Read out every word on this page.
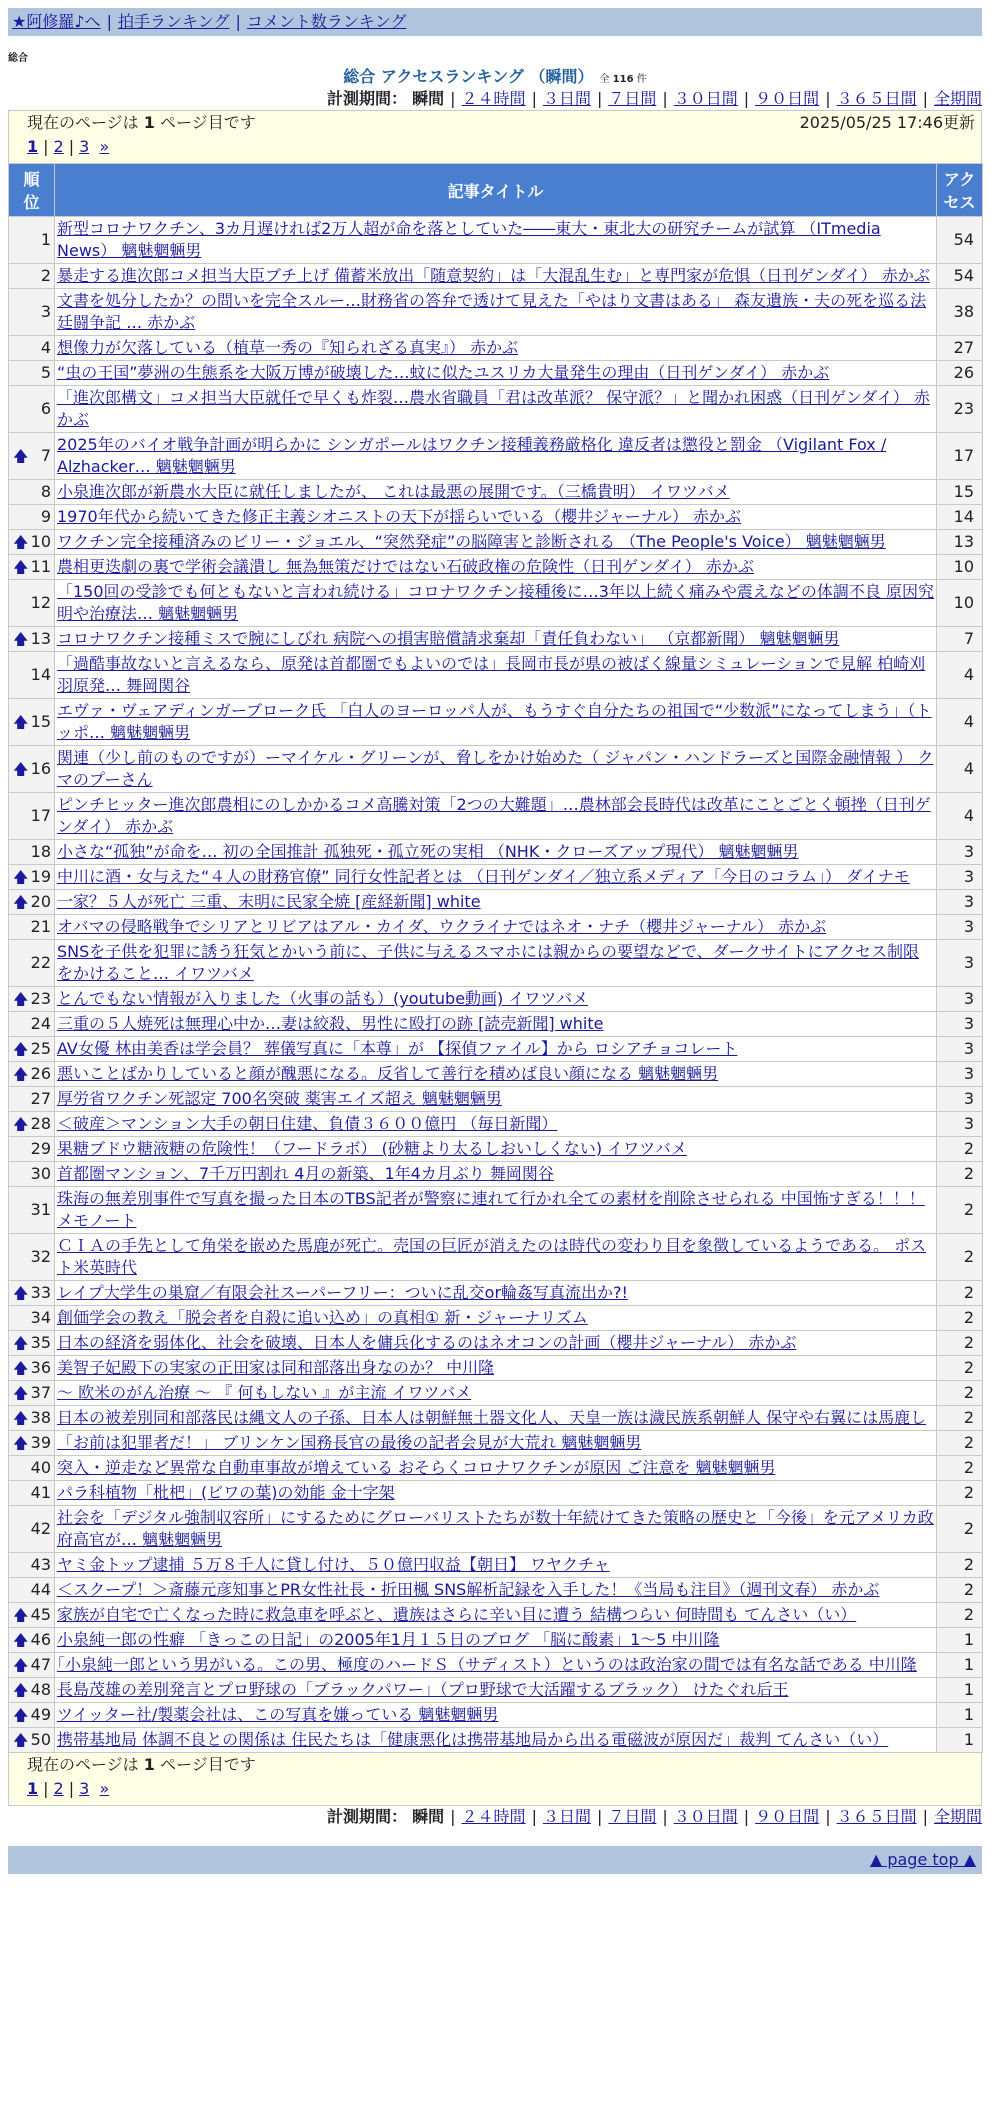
★阿修羅♪へ | 拍手ランキング | コメント数ランキング
総合
総合 アクセスランキング （瞬間） 全 116 件
計測期間： 瞬間 | ２４時間 | ３日間 | ７日間 | ３０日間 | ９０日間 | ３６５日間 | 全期間
現在のページは 1 ページ目です	2025/05/25 17:46更新
1 | 2 | 3 »
順位	記事タイトル	アクセス
1	新型コロナワクチン、3カ月遅ければ2万人超が命を落としていた――東大・東北大の研究チームが試算 （ITmedia News） 魑魅魍魎男	54
2	暴走する進次郎コメ担当大臣ブチ上げ 備蓄米放出「随意契約」は「大混乱生む」と専門家が危惧（日刊ゲンダイ） 赤かぶ	54
3	文書を処分したか？の問いを完全スルー…財務省の答弁で透けて見えた「やはり文書はある」 森友遺族・夫の死を巡る法廷闘争記 … 赤かぶ	38
4	想像力が欠落している（植草一秀の『知られざる真実』） 赤かぶ	27
5	“虫の王国”夢洲の生態系を大阪万博が破壊した…蚊に似たユスリカ大量発生の理由（日刊ゲンダイ） 赤かぶ	26
6	「進次郎構文」コメ担当大臣就任で早くも炸裂…農水省職員「君は改革派？ 保守派？」と聞かれ困惑（日刊ゲンダイ） 赤かぶ	23

🡅 7	2025年のバイオ戦争計画が明らかに シンガポールはワクチン接種義務厳格化 違反者は懲役と罰金 （Vigilant Fox / Alzhacker… 魑魅魍魎男	17
8	小泉進次郎が新農水大臣に就任しましたが、 これは最悪の展開です。（三橋貴明） イワツバメ	15
9	1970年代から続いてきた修正主義シオニストの天下が揺らいでいる（櫻井ジャーナル） 赤かぶ	14

🡅 10	ワクチン完全接種済みのビリー・ジョエル、“突然発症”の脳障害と診断される （The People's Voice） 魑魅魍魎男	13

🡅 11	農相更迭劇の裏で学術会議潰し 無為無策だけではない石破政権の危険性（日刊ゲンダイ） 赤かぶ	10
12	「150回の受診でも何ともないと言われ続ける」コロナワクチン接種後に…3年以上続く痛みや震えなどの体調不良 原因究明や治療法… 魑魅魍魎男	10

🡅 13	コロナワクチン接種ミスで腕にしびれ 病院への損害賠償請求棄却「責任負わない」 （京都新聞） 魑魅魍魎男	7
14	「過酷事故ないと言えるなら、原発は首都圏でもよいのでは」長岡市長が県の被ばく線量シミュレーションで見解 柏崎刈羽原発… 舞岡関谷	4

🡅 15	エヴァ・ヴェアディンガーブローク氏 「白人のヨーロッパ人が、もうすぐ自分たちの祖国で“少数派”になってしまう」（トッポ… 魑魅魍魎男	4

🡅 16	関連（少し前のものですが）ーマイケル・グリーンが、脅しをかけ始めた（ ジャパン・ハンドラーズと国際金融情報 ） クマのプーさん	4
17	ピンチヒッター進次郎農相にのしかかるコメ高騰対策「2つの大難題」…農林部会長時代は改革にことごとく頓挫（日刊ゲンダイ） 赤かぶ	4
18	小さな“孤独”が命を… 初の全国推計 孤独死・孤立死の実相 （NHK・クローズアップ現代） 魑魅魍魎男	3

🡅 19	中川に酒・女与えた“４人の財務官僚” 同行女性記者とは （日刊ゲンダイ／独立系メディア「今日のコラム」） ダイナモ	3

🡅 20	一家？５人が死亡 三重、末明に民家全焼 [産経新聞] white	3
21	オバマの侵略戦争でシリアとリビアはアル・カイダ、ウクライナではネオ・ナチ（櫻井ジャーナル） 赤かぶ	3
22	SNSを子供を犯罪に誘う狂気とかいう前に、子供に与えるスマホには親からの要望などで、ダークサイトにアクセス制限をかけること… イワツバメ	3

🡅 23	とんでもない情報が入りました（火事の話も）(youtube動画) イワツバメ	3
24	三重の５人焼死は無理心中か…妻は絞殺、男性に殴打の跡 [読売新聞] white	3

🡅 25	AV女優 林由美香は学会員？ 葬儀写真に「本尊」が 【探偵ファイル】から ロシアチョコレート	3

🡅 26	悪いことばかりしていると顔が醜悪になる。反省して善行を積めば良い顔になる 魑魅魍魎男	3
27	厚労省ワクチン死認定 700名突破 薬害エイズ超え 魑魅魍魎男	3

🡅 28	＜破産＞マンション大手の朝日住建、負債３６００億円 （毎日新聞）	3
29	果糖ブドウ糖液糖の危険性！（フードラボ） (砂糖より太るしおいしくない) イワツバメ	2
30	首都圏マンション、7千万円割れ 4月の新築、1年4カ月ぶり 舞岡関谷	2
31	珠海の無差別事件で写真を撮った日本のTBS記者が警察に連れて行かれ全ての素材を削除させられる 中国怖すぎる！！！メモノート	2
32	ＣＩＡの手先として角栄を嵌めた馬鹿が死亡。売国の巨匠が消えたのは時代の変わり目を象徴しているようである。 ポスト米英時代	2

🡅 33	レイプ大学生の巣窟／有限会社スーパーフリー：ついに乱交or輪姦写真流出か?!	2
34	創価学会の教え「脱会者を自殺に追い込め」の真相① 新・ジャーナリズム	2

🡅 35	日本の経済を弱体化、社会を破壊、日本人を傭兵化するのはネオコンの計画（櫻井ジャーナル） 赤かぶ	2

🡅 36	美智子妃殿下の実家の正田家は同和部落出身なのか？ 中川隆	2

🡅 37	～ 欧米のがん治療 ～ 『 何もしない 』が主流 イワツバメ	2

🡅 38	日本の被差別同和部落民は縄文人の子孫、日本人は朝鮮無土器文化人、天皇一族は濊民族系朝鮮人 保守や右翼には馬鹿し	2

🡅 39	「お前は犯罪者だ！」 ブリンケン国務長官の最後の記者会見が大荒れ 魑魅魍魎男	2
40	突入・逆走など異常な自動車事故が増えている おそらくコロナワクチンが原因 ご注意を 魑魅魍魎男	2
41	パラ科植物「枇杷」(ビワの葉)の効能 金十字架	2
42	社会を「デジタル強制収容所」にするためにグローバリストたちが数十年続けてきた策略の歴史と「今後」を元アメリカ政府高官が… 魑魅魍魎男	2
43	ヤミ金トップ逮捕 ５万８千人に貸し付け、５０億円収益【朝日】 ワヤクチャ	2
44	＜スクープ！＞斎藤元彦知事とPR女性社長・折田楓 SNS解析記録を入手した！《当局も注目》（週刊文春） 赤かぶ	2

🡅 45	家族が自宅で亡くなった時に救急車を呼ぶと、遺族はさらに辛い目に遭う 結構つらい 何時間も てんさい（い）	2

🡅 46	小泉純一郎の性癖 「きっこの日記」の2005年1月１５日のブログ 「脳に酸素」1～5 中川隆	1

🡅 47	｢小泉純一郎という男がいる。この男、極度のハードＳ（サディスト）というのは政治家の間では有名な話である 中川隆	1

🡅 48	長島茂雄の差別発言とプロ野球の「ブラックパワー」（プロ野球で大活躍するブラック） けたぐれ后王	1

🡅 49	ツイッター社/製薬会社は、この写真を嫌っている 魑魅魍魎男	1

🡅 50	携帯基地局 体調不良との関係は 住民たちは「健康悪化は携帯基地局から出る電磁波が原因だ」裁判 てんさい（い）	1
現在のページは 1 ページ目です
1 | 2 | 3 »
計測期間： 瞬間 | ２４時間 | ３日間 | ７日間 | ３０日間 | ９０日間 | ３６５日間 | 全期間
▲ page top ▲
